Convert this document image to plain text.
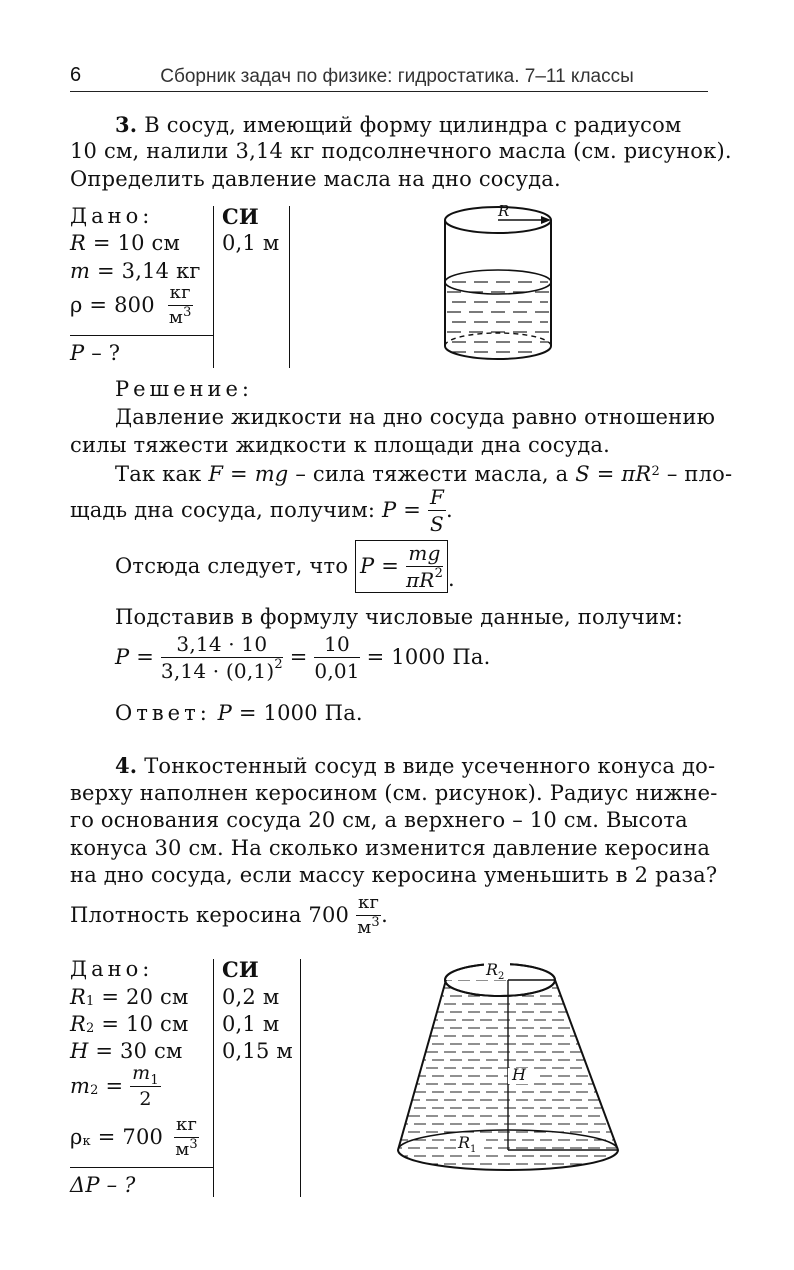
6	Сборник задач по физике: гидростатика. 7–11 классы
3. В сосуд, имеющий форму цилиндра с радиусом
10 см, налили 3,14 кг подсолнечного масла (см. рисунок).
Определить давление масла на дно сосуда.
Дано:	СИ
R = 10 см 0,1 м
m = 3,14 кг
$\rho = 800 \frac{кг}{м^3}$
P – ?
R
Решение:
Давление жидкости на дно сосуда равно отношению
силы тяжести жидкости к площади дна сосуда.
Так как F = mg – сила тяжести масла, а $S = \pi R^2 - пло-$
щадь дна сосуда, получим: $P = \frac{F}{S}$ .
Отсюда следует, что $P = \frac{mg}{\pi R^2}$ .
Подставив в формулу числовые данные, получим:
$P = \frac{3,14 \cdot 10}{3,14 \cdot (0,1)^2} = \frac{10}{0,01} = 1000$ Па.
Ответ: P = 1000 Па.
4. Тонкостенный сосуд в виде усеченного конуса до-
верху наполнен керосином (см. рисунок). Радиус нижне-
го основания сосуда 20 см, а верхнего – 10 см. Высота
конуса 30 см. На сколько изменится давление керосина
на дно сосуда, если массу керосина уменьшить в 2 раза?
Плотность керосина $700 \frac{кг}{м^3}$ .
Дано:	СИ
R1 = 20 см 0,2 м
R2 = 10 см 0,1 м
H = 30 см 0,15 м
$m2 = \frac{m_1}{2}$
$\rho к = 700 \frac{кг}{м^3}$
ΔP – ?
H
R 2
R 1
